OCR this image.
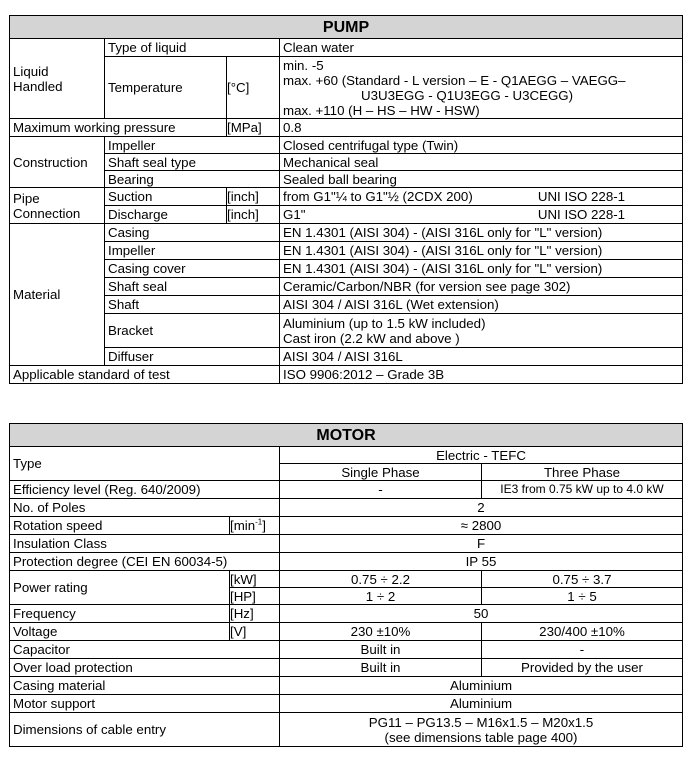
PUMP			
Liquid Handled	Type of liquid		Clean water
	Temperature	[°C]	min. -5
max. +60 (Standard - L version – E - Q1AEGG – VAEGG–
U3U3EGG - Q1U3EGG - U3CEGG)
max. +110 (H – HS – HW - HSW)

Maximum working pressure		[MPa]	0.8
Construction	Impeller		Closed centrifugal type (Twin)
	Shaft seal type		Mechanical seal
	Bearing		Sealed ball bearing

Pipe
Connection	Suction	[inch]	from G1"¼ to G1"½ (2CDX 200) UNI ISO 228-1

	Discharge	[inch]	G1" UNI ISO 228-1

Material	Casing		EN 1.4301 (AISI 304) - (AISI 316L only for "L" version)
	Impeller		EN 1.4301 (AISI 304) - (AISI 316L only for "L" version)
	Casing cover		EN 1.4301 (AISI 304) - (AISI 316L only for "L" version)
	Shaft seal		Ceramic/Carbon/NBR (for version see page 302)
	Shaft		AISI 304 / AISI 316L (Wet extension)
	Bracket		Aluminium (up to 1.5 kW included)
Cast iron (2.2 kW and above )

	Diffuser		AISI 304 / AISI 316L
Applicable standard of test			ISO 9906:2012 – Grade 3B
MOTOR			
Type		Electric - TEFC	
		Single Phase	Three Phase
Efficiency level (Reg. 640/2009)		-	IE3 from 0.75 kW up to 4.0 kW
No. of Poles		2	
Rotation speed	$[\min^{-1}]$	≈ 2800	
Insulation Class		F	
Protection degree (CEI EN 60034-5)		IP 55	
Power rating	[kW]	0.75 ÷ 2.2	0.75 ÷ 3.7
	[HP]	1 ÷ 2	1 ÷ 5
Frequency	[Hz]	50	
Voltage	[V]	230 ±10%	230/400 ±10%
Capacitor		Built in	-
Over load protection		Built in	Provided by the user
Casing material		Aluminium	
Motor support		Aluminium	
Dimensions of cable entry		PG11 – PG13.5 – M16x1.5 – M20x1.5
(see dimensions table page 400)	
